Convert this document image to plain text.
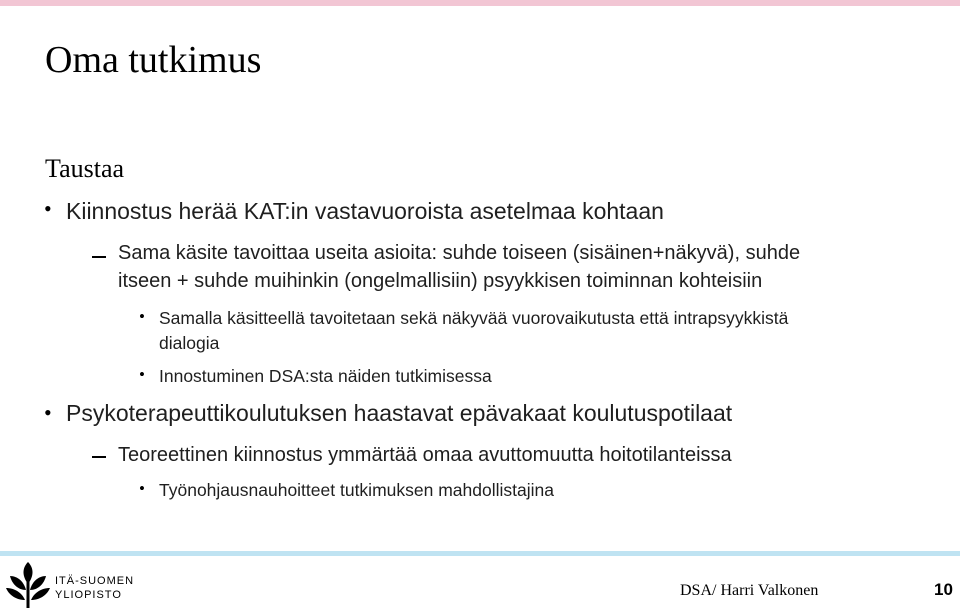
Oma tutkimus
Taustaa
• Kiinnostus herää KAT:in vastavuoroista asetelmaa kohtaan
Sama käsite tavoittaa useita asioita: suhde toiseen (sisäinen+näkyvä), suhde
itseen + suhde muihinkin (ongelmallisiin) psyykkisen toiminnan kohteisiin
• Samalla käsitteellä tavoitetaan sekä näkyvää vuorovaikutusta että intrapsyykkistä
dialogia
• Innostuminen DSA:sta näiden tutkimisessa
• Psykoterapeuttikoulutuksen haastavat epävakaat koulutuspotilaat
Teoreettinen kiinnostus ymmärtää omaa avuttomuutta hoitotilanteissa
• Työnohjausnauhoitteet tutkimuksen mahdollistajina
ITÄ-SUOMEN
YLIOPISTO	DSA/ Harri Valkonen	10
